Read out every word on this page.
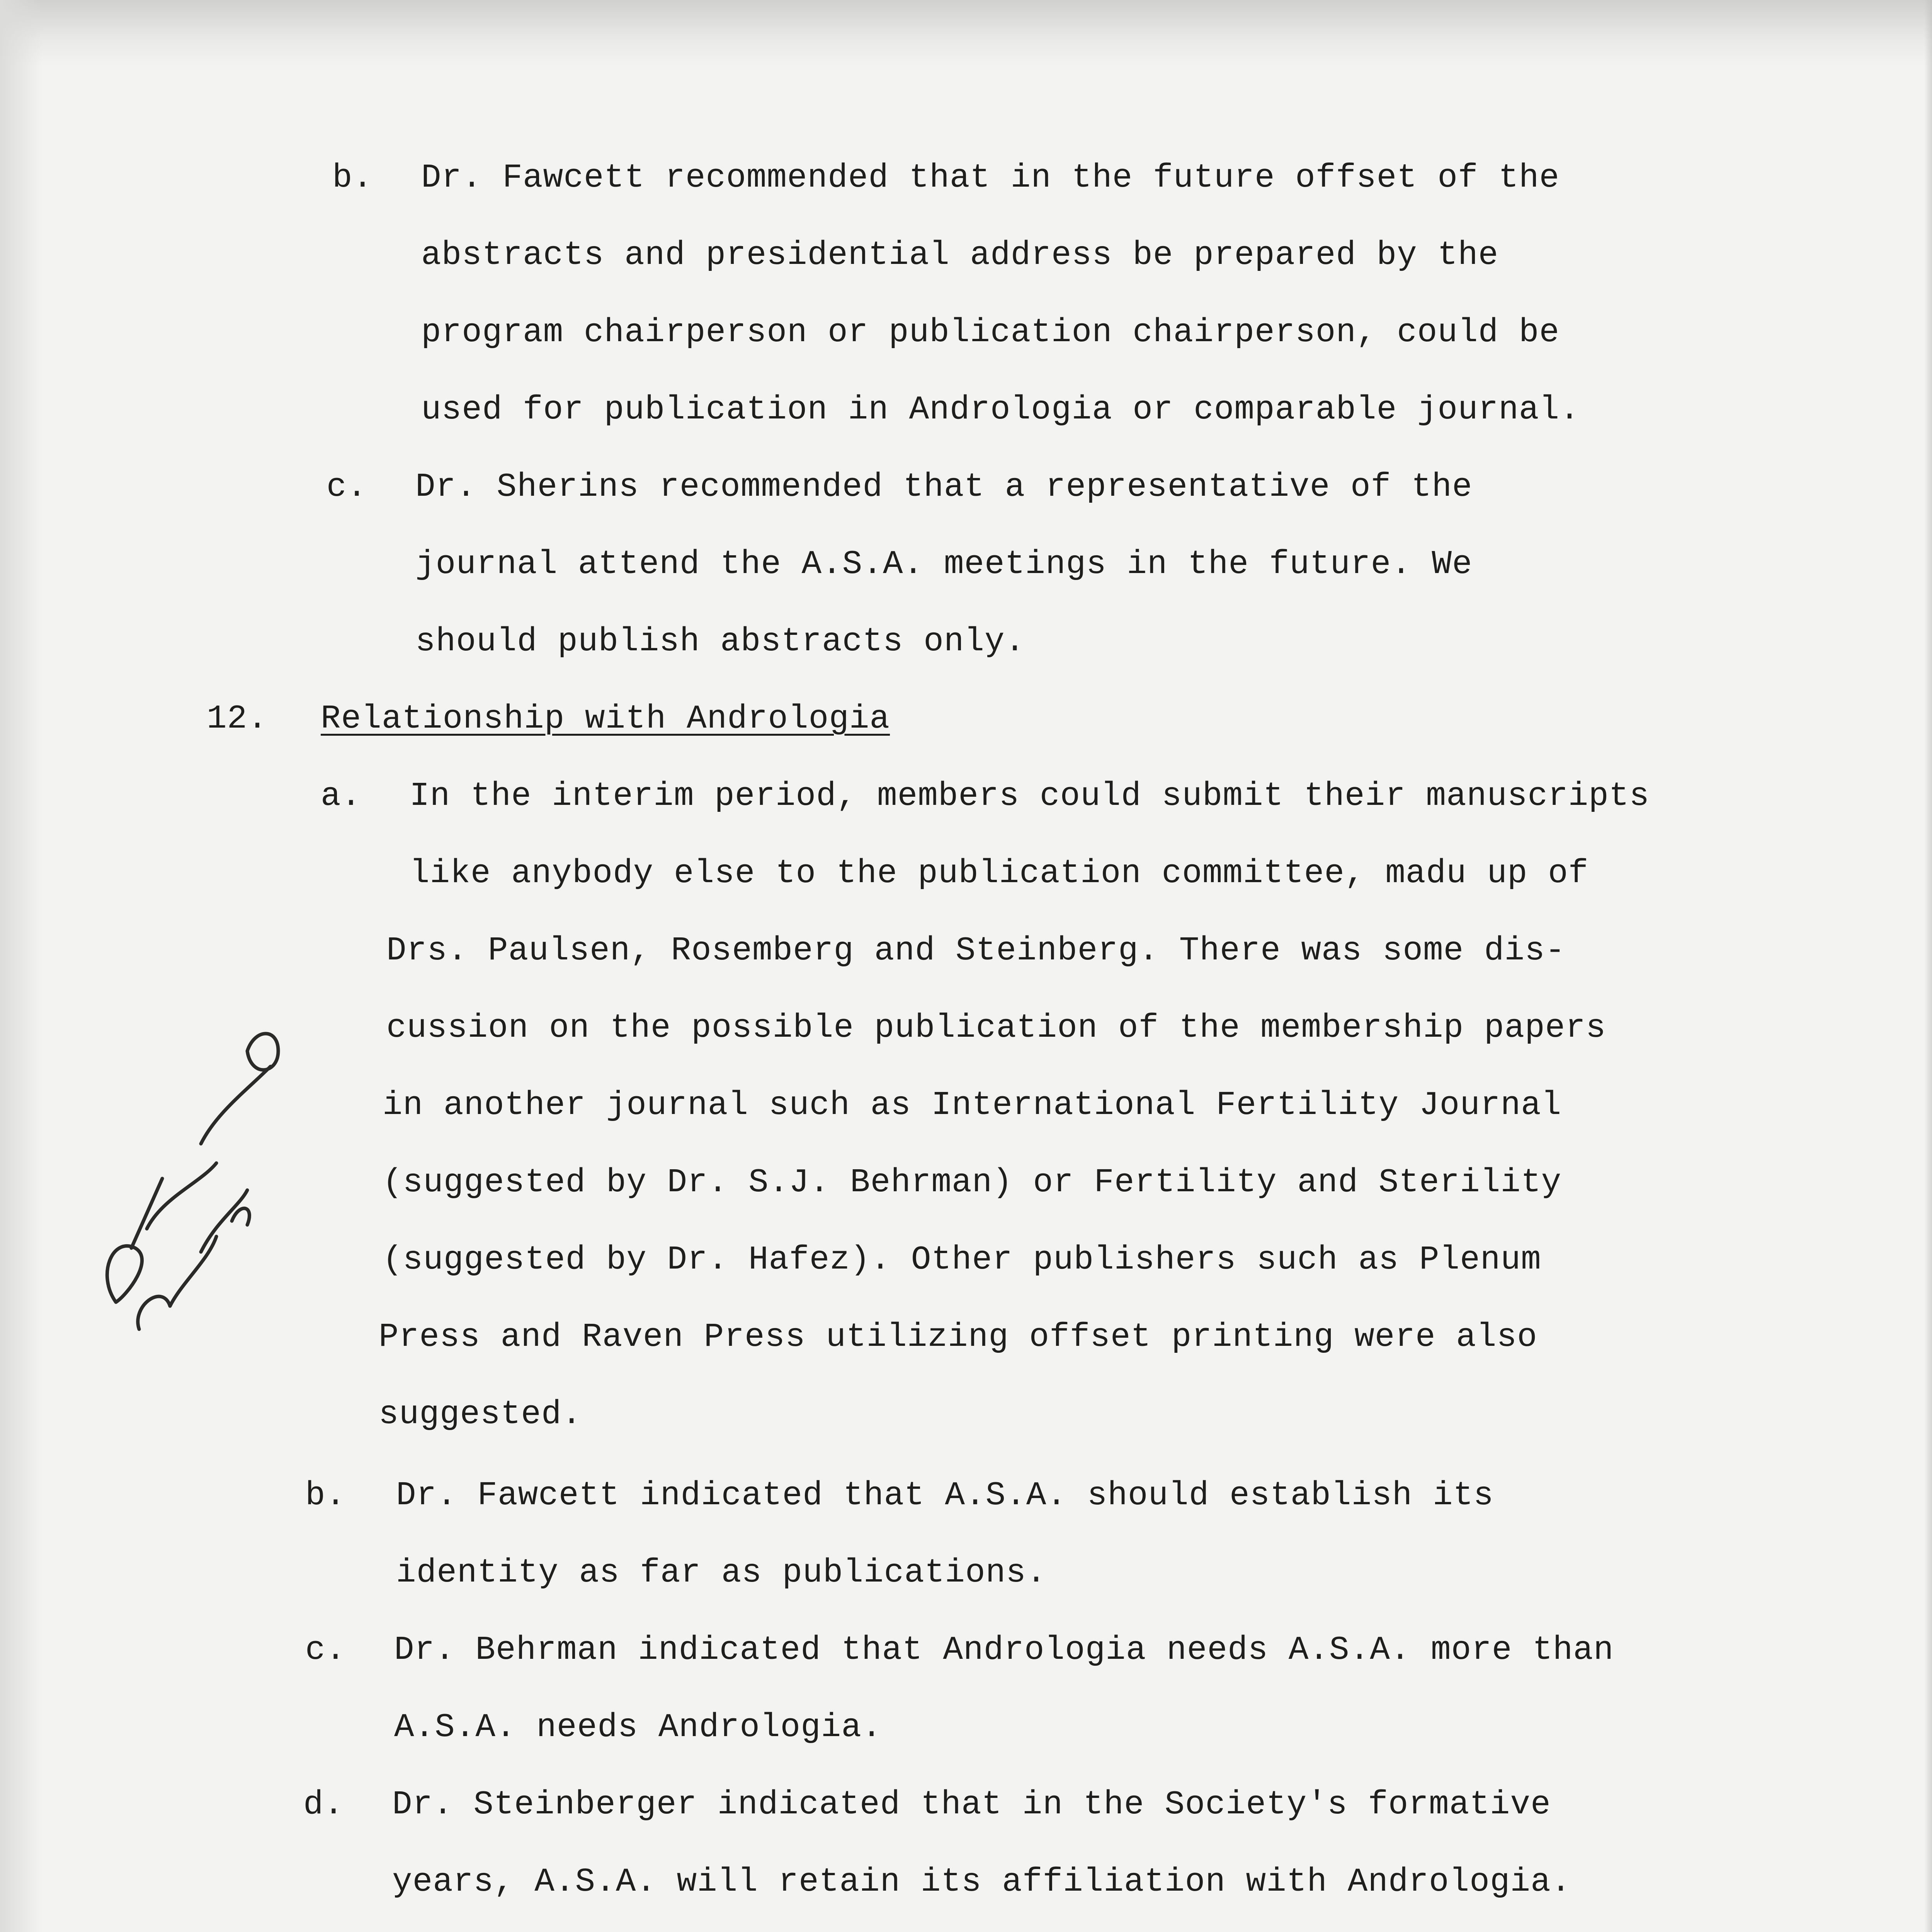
b. Dr. Fawcett recommended that in the future offset of the
abstracts and presidential address be prepared by the
program chairperson or publication chairperson, could be
used for publication in Andrologia or comparable journal.
c. Dr. Sherins recommended that a representative of the
journal attend the A.S.A. meetings in the future. We
should publish abstracts only.
12. Relationship with Andrologia
a. In the interim period, members could submit their manuscripts
like anybody else to the publication committee, madu up of
Drs. Paulsen, Rosemberg and Steinberg. There was some dis-
cussion on the possible publication of the membership papers
in another journal such as International Fertility Journal
(suggested by Dr. S.J. Behrman) or Fertility and Sterility
(suggested by Dr. Hafez). Other publishers such as Plenum
Press and Raven Press utilizing offset printing were also
suggested.
b. Dr. Fawcett indicated that A.S.A. should establish its
identity as far as publications.
c. Dr. Behrman indicated that Andrologia needs A.S.A. more than
A.S.A. needs Andrologia.
d. Dr. Steinberger indicated that in the Society's formative
years, A.S.A. will retain its affiliation with Andrologia.
